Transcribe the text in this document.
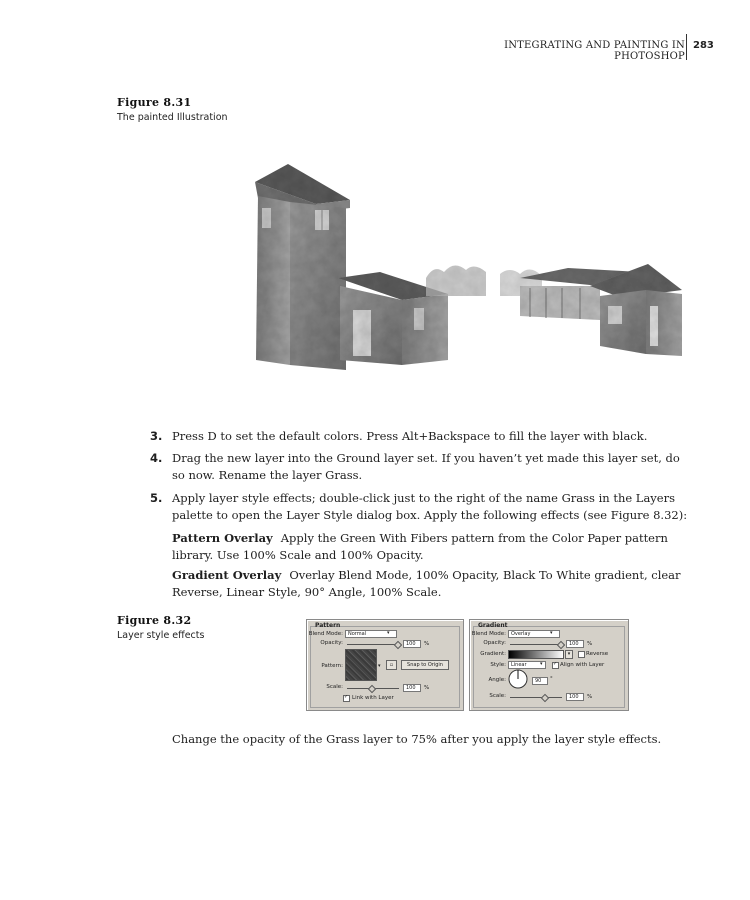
INTEGRATING AND PAINTING IN PHOTOSHOP
283
Figure 8.31
The painted Illustration
3. Press D to set the default colors. Press Alt+Backspace to fill the layer with black.
4. Drag the new layer into the Ground layer set. If you haven’t yet made this layer set, do so now. Rename the layer Grass.
5. Apply layer style effects; double-click just to the right of the name Grass in the Layers palette to open the Layer Style dialog box. Apply the following effects (see Figure 8.32):
Pattern Overlay Apply the Green With Fibers pattern from the Color Paper pattern library. Use 100% Scale and 100% Opacity.
Gradient Overlay Overlay Blend Mode, 100% Opacity, Black To White gradient, clear Reverse, Linear Style, 90° Angle, 100% Scale.
Figure 8.32
Layer style effects
Pattern
Blend Mode:	Normal	▾
Opacity:	100	%
Pattern:	▾	▫	Snap to Origin
Scale:	100	%
✓ Link with Layer
Gradient
Blend Mode:	Overlay	▾
Opacity:	100	%
Gradient:	▾	Reverse
Style:	Linear	▾ ✓ Align with Layer
Angle:	90	°
Scale:	100	%
Change the opacity of the Grass layer to 75% after you apply the layer style effects.
